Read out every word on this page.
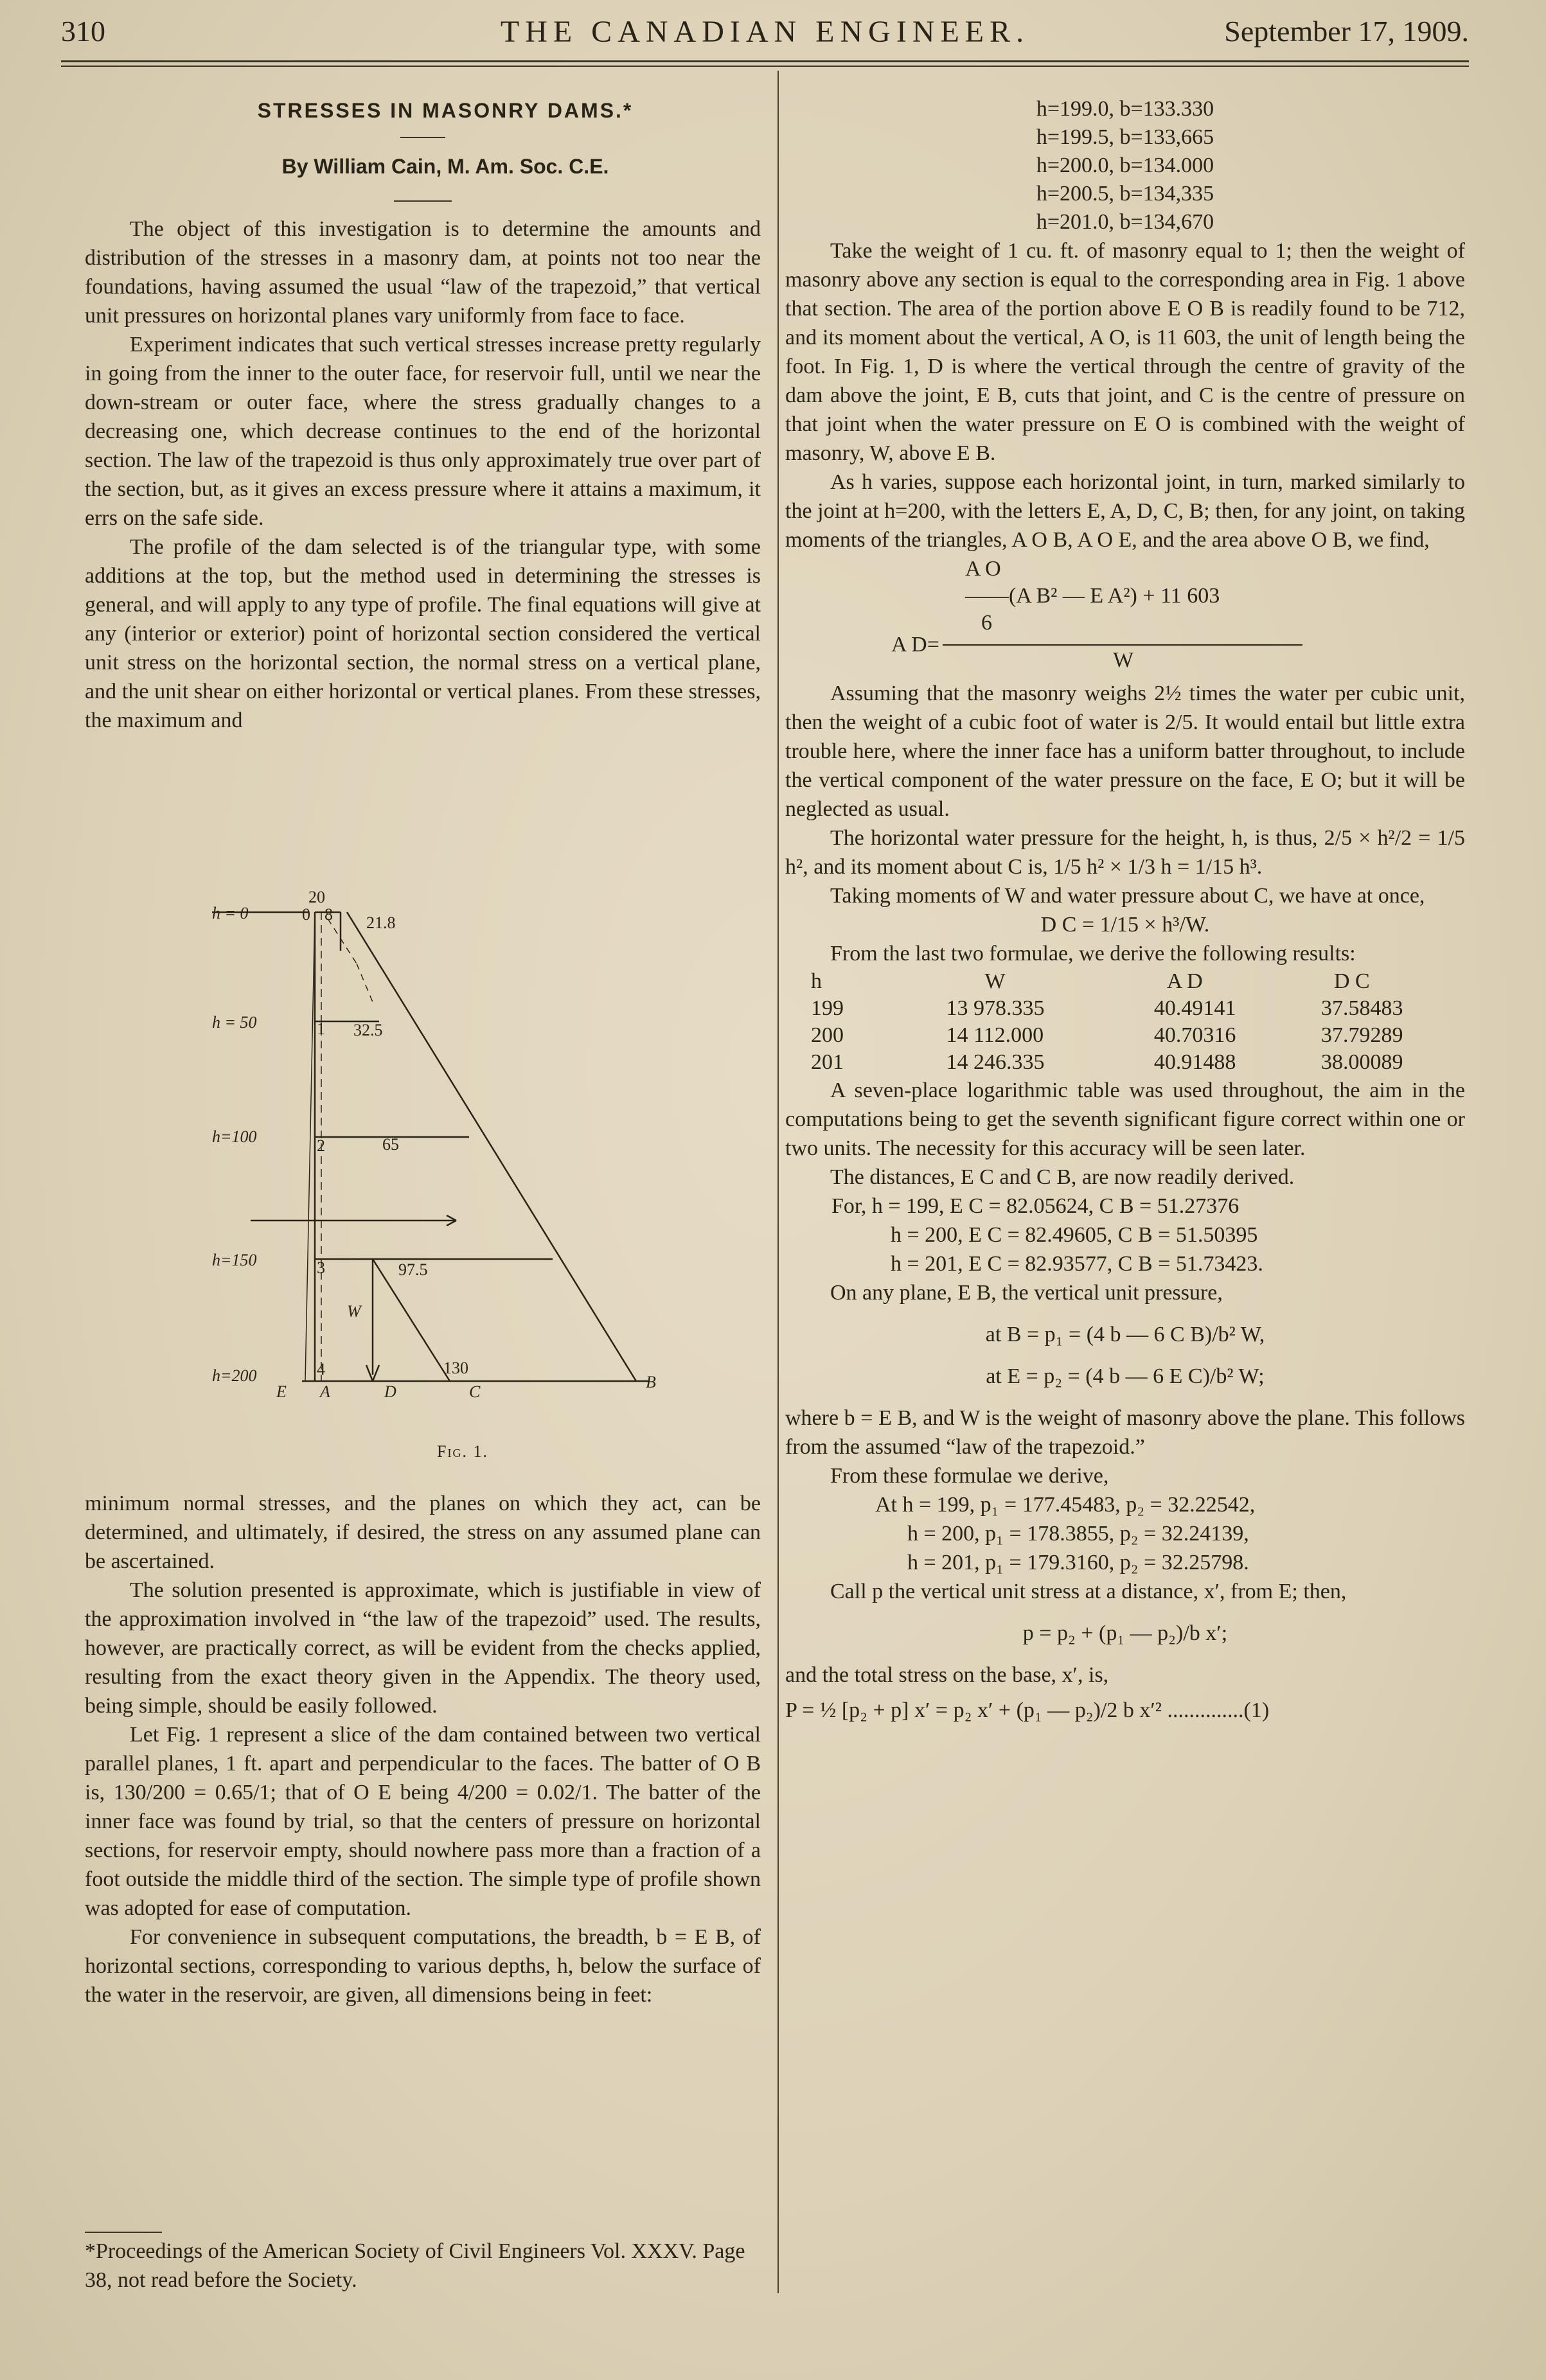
310	THE CANADIAN ENGINEER.	September 17, 1909.

STRESSES IN MASONRY DAMS.*

By William Cain, M. Am. Soc. C.E.

The object of this investigation is to determine the amounts and distribution of the stresses in a masonry dam, at points not too near the foundations, having assumed the usual “law of the trapezoid,” that vertical unit pressures on horizontal planes vary uniformly from face to face.

Experiment indicates that such vertical stresses increase pretty regularly in going from the inner to the outer face, for reservoir full, until we near the down-stream or outer face, where the stress gradually changes to a decreasing one, which decrease continues to the end of the horizontal section. The law of the trapezoid is thus only approximately true over part of the section, but, as it gives an excess pressure where it attains a maximum, it errs on the safe side.

The profile of the dam selected is of the triangular type, with some additions at the top, but the method used in determining the stresses is general, and will apply to any type of profile. The final equations will give at any (interior or exterior) point of horizontal section considered the vertical unit stress on the horizontal section, the normal stress on a vertical plane, and the unit shear on either horizontal or vertical planes. From these stresses, the maximum and

h = 0
20
0 8 21.8
h = 50	1 32.5
h=100	2	65
h=150	3	97.5
W
h=200	4	130
E A	D	C
B

Fig. 1.

minimum normal stresses, and the planes on which they act, can be determined, and ultimately, if desired, the stress on any assumed plane can be ascertained.

The solution presented is approximate, which is justifiable in view of the approximation involved in “the law of the trapezoid” used. The results, however, are practically correct, as will be evident from the checks applied, resulting from the exact theory given in the Appendix. The theory used, being simple, should be easily followed.

Let Fig. 1 represent a slice of the dam contained between two vertical parallel planes, 1 ft. apart and perpendicular to the faces. The batter of O B is, 130/200 = 0.65/1; that of O E being 4/200 = 0.02/1. The batter of the inner face was found by trial, so that the centers of pressure on horizontal sections, for reservoir empty, should nowhere pass more than a fraction of a foot outside the middle third of the section. The simple type of profile shown was adopted for ease of computation.

For convenience in subsequent computations, the breadth, b = E B, of horizontal sections, corresponding to various depths, h, below the surface of the water in the reservoir, are given, all dimensions being in feet:

*Proceedings of the American Society of Civil Engineers Vol. XXXV. Page 38, not read before the Society.

h=199.0, b=133.330
h=199.5, b=133,665
h=200.0, b=134.000
h=200.5, b=134,335
h=201.0, b=134,670

Take the weight of 1 cu. ft. of masonry equal to 1; then the weight of masonry above any section is equal to the corresponding area in Fig. 1 above that section. The area of the portion above E O B is readily found to be 712, and its moment about the vertical, A O, is 11 603, the unit of length being the foot. In Fig. 1, D is where the vertical through the centre of gravity of the dam above the joint, E B, cuts that joint, and C is the centre of pressure on that joint when the water pressure on E O is combined with the weight of masonry, W, above E B.

As h varies, suppose each horizontal joint, in turn, marked similarly to the joint at h=200, with the letters E, A, D, C, B; then, for any joint, on taking moments of the triangles, A O B, A O E, and the area above O B, we find,

A O
——(A B² — E A²) + 11 603
6
A D=
W

Assuming that the masonry weighs 2½ times the water per cubic unit, then the weight of a cubic foot of water is 2/5. It would entail but little extra trouble here, where the inner face has a uniform batter throughout, to include the vertical component of the water pressure on the face, E O; but it will be neglected as usual.

The horizontal water pressure for the height, h, is thus, 2/5 × h²/2 = 1/5 h², and its moment about C is, 1/5 h² × 1/3 h = 1/15 h³.

Taking moments of W and water pressure about C, we have at once,

D C = 1/15 × h³/W.

From the last two formulae, we derive the following results:

h	W	A D	D C
199	13 978.335	40.49141	37.58483
200	14 112.000	40.70316	37.79289
201	14 246.335	40.91488	38.00089

A seven-place logarithmic table was used throughout, the aim in the computations being to get the seventh significant figure correct within one or two units. The necessity for this accuracy will be seen later.

The distances, E C and C B, are now readily derived.

For, h = 199, E C = 82.05624, C B = 51.27376
h = 200, E C = 82.49605, C B = 51.50395
h = 201, E C = 82.93577, C B = 51.73423.

On any plane, E B, the vertical unit pressure,

at B = p₁ = (4 b — 6 C B)/b² W,

at E = p₂ = (4 b — 6 E C)/b² W;

where b = E B, and W is the weight of masonry above the plane. This follows from the assumed “law of the trapezoid.”

From these formulae we derive,

At h = 199, p₁ = 177.45483, p₂ = 32.22542,
h = 200, p₁ = 178.3855, p₂ = 32.24139,
h = 201, p₁ = 179.3160, p₂ = 32.25798.

Call p the vertical unit stress at a distance, x′, from E; then,

p = p₂ + (p₁ — p₂)/b x′;

and the total stress on the base, x′, is,

P = ½ [p₂ + p] x′ = p₂ x′ + (p₁ — p₂)/2 b x′² ..............(1)
